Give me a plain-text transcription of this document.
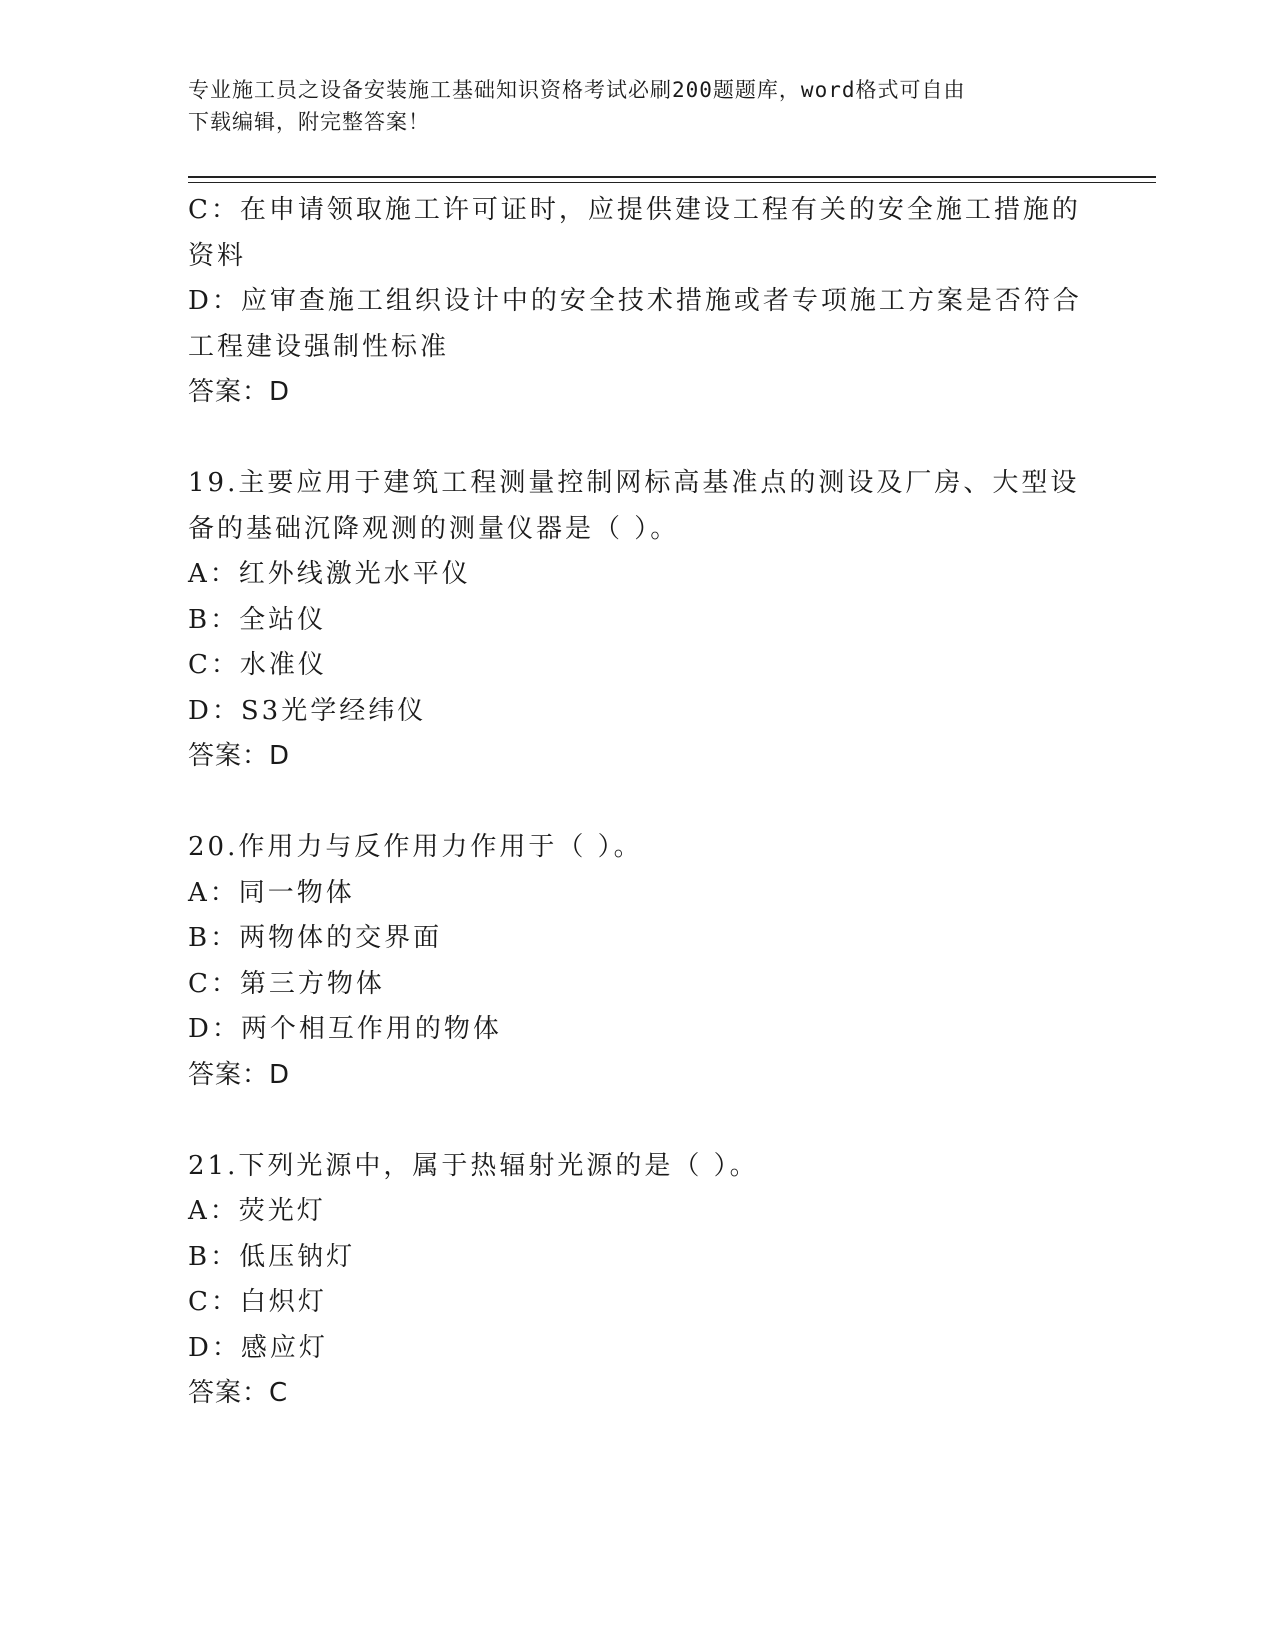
专业施工员之设备安装施工基础知识资格考试必刷200题题库，word格式可自由
下载编辑，附完整答案！

C：在申请领取施工许可证时，应提供建设工程有关的安全施工措施的

资料

D：应审查施工组织设计中的安全技术措施或者专项施工方案是否符合

工程建设强制性标准

答案：D

19.主要应用于建筑工程测量控制网标高基准点的测设及厂房、大型设

备的基础沉降观测的测量仪器是（ ）。

A：红外线激光水平仪

B：全站仪

C：水准仪

D：S3光学经纬仪

答案：D

20.作用力与反作用力作用于（ ）。

A：同一物体

B：两物体的交界面

C：第三方物体

D：两个相互作用的物体

答案：D

21.下列光源中，属于热辐射光源的是（ ）。

A：荧光灯

B：低压钠灯

C：白炽灯

D：感应灯

答案：C
